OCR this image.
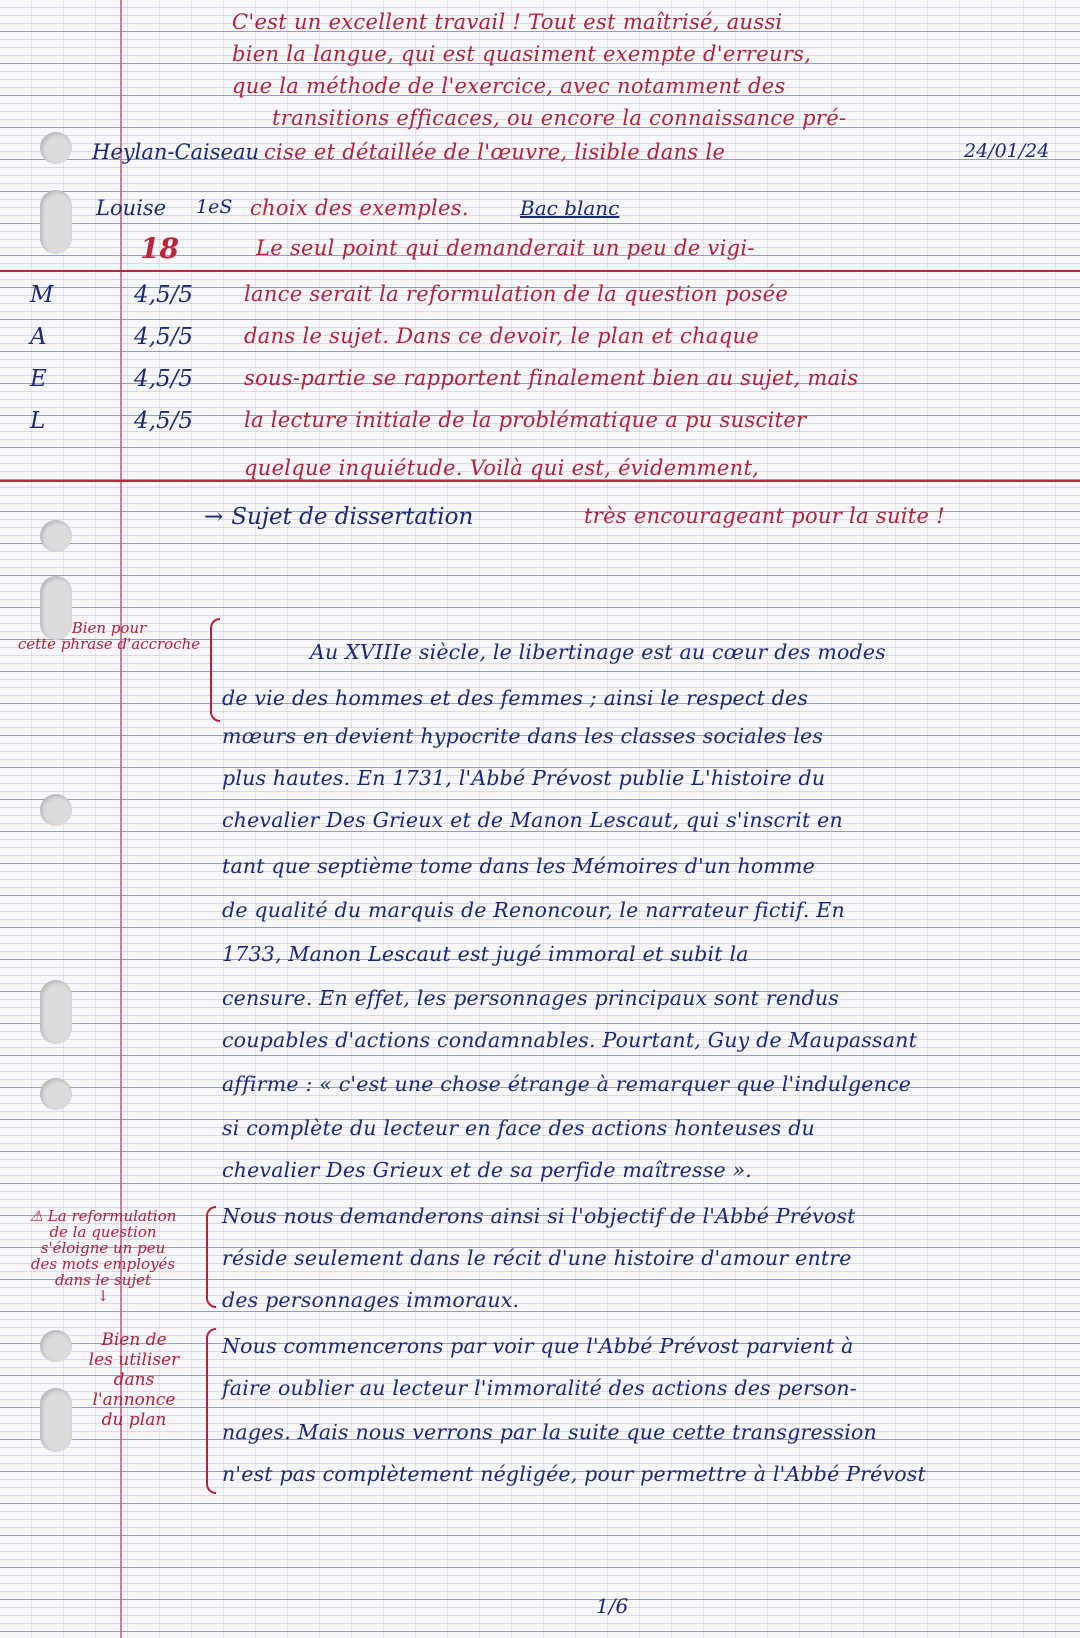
C'est un excellent travail ! Tout est maîtrisé, aussi
bien la langue, qui est quasiment exempte d'erreurs,
que la méthode de l'exercice, avec notamment des
transitions efficaces, ou encore la connaissance pré-
Heylan-Caiseau cise et détaillée de l'œuvre, lisible dans le	24/01/24
Louise 1eS choix des exemples.	Bac blanc
18	Le seul point qui demanderait un peu de vigi-
M	4,5/5 lance serait la reformulation de la question posée
A	4,5/5 dans le sujet. Dans ce devoir, le plan et chaque
E	4,5/5 sous-partie se rapportent finalement bien au sujet, mais
L	4,5/5 la lecture initiale de la problématique a pu susciter
quelque inquiétude. Voilà qui est, évidemment,
→ Sujet de dissertation	très encourageant pour la suite !
Bien pour
cette phrase d'accroche
⚠ La reformulation
de la question
s'éloigne un peu
des mots employés
dans le sujet
↓
Bien de
les utiliser
dans
l'annonce
du plan
Au XVIIIe siècle, le libertinage est au cœur des modes
de vie des hommes et des femmes ; ainsi le respect des
mœurs en devient hypocrite dans les classes sociales les
plus hautes. En 1731, l'Abbé Prévost publie L'histoire du
chevalier Des Grieux et de Manon Lescaut, qui s'inscrit en
tant que septième tome dans les Mémoires d'un homme
de qualité du marquis de Renoncour, le narrateur fictif. En
1733, Manon Lescaut est jugé immoral et subit la
censure. En effet, les personnages principaux sont rendus
coupables d'actions condamnables. Pourtant, Guy de Maupassant
affirme : « c'est une chose étrange à remarquer que l'indulgence
si complète du lecteur en face des actions honteuses du
chevalier Des Grieux et de sa perfide maîtresse ».
Nous nous demanderons ainsi si l'objectif de l'Abbé Prévost
réside seulement dans le récit d'une histoire d'amour entre
des personnages immoraux.
Nous commencerons par voir que l'Abbé Prévost parvient à
faire oublier au lecteur l'immoralité des actions des person-
nages. Mais nous verrons par la suite que cette transgression
n'est pas complètement négligée, pour permettre à l'Abbé Prévost
1/6
